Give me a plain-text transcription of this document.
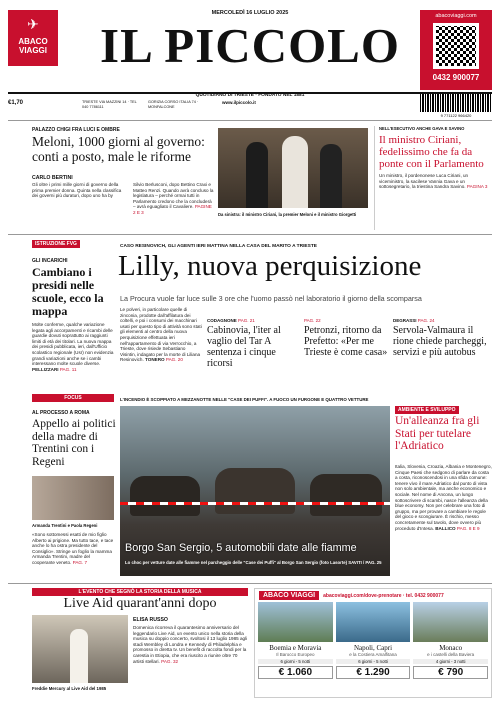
✈
ABACO
VIAGGI
MERCOLEDÌ 16 LUGLIO 2025
IL PICCOLO
abacoviaggi.com
0432 900077
QUOTIDIANO DI TRIESTE · FONDATO NEL 1881
€1,70	TRIESTE VIA MAZZINI 14 · TEL 040 7786111
GORIZIA CORSO ITALIA 74 · MONFALCONE
www.ilpiccolo.it
9 771122 966420
PALAZZO CHIGI FRA LUCI E OMBRE
Meloni, 1000 giorni al governo: conti a posto, male le riforme
CARLO BERTINI
Gli oltre i primi mille giorni di governo della prima premier donna. Quinta nella classifica dei governi più duraturi, dopo uno ha by
Silvio Berlusconi, dopo Bettino Craxi e Matteo Renzi. Quando avrà concluso la legislatura – perché ormai tutti in Parlamento credono che la concluderà – avrà eguagliato il Cavaliere. PAGINE 2 E 3	Da sinistra: il ministro Ciriani, la premier Meloni e il ministro Giorgetti
NELL'ESECUTIVO ANCHE GAVA E SAVINO
Il ministro Ciriani, fedelissimo che fa da ponte con il Parlamento
Un ministro, il pordenonese Luca Ciriani, un viceministro, la sacilese Vannia Gava e un sottosegretario, la triestina Sandra Savino. PAGINA 3
ISTRUZIONE FVG
GLI INCARICHI
Cambiano i presidi nelle scuole, ecco la mappa
Molte conferme, qualche variazione legata agli accorpamenti e ricambi delle guardie dovuti soprattutto ai raggiunti limiti di età dei titolari. La nuova mappa dei presidi pubblicata, ieri, dall'Ufficio scolastico regionale (Usr) non evidenzia grandi variazioni anche se i cambi interessano molte scuole diverse. PELLIZZARI PAG. 11
FOCUS
AL PROCESSO A ROMA
Appello ai politici della madre di Trentini con i Regeni
Armanda Trentini e Paola Regeni
«Sono sottomessi esatti de mio figlio Alberto ai prigione. Ma tutto tace, e tace anche lo ha ostra presidente del Consiglio». Stringe un foglio la mamma Armanda Trentini, madre del cooperante veneto. PAG. 7
CASO RESINOVICH, GLI AGENTI IERI MATTINA NELLA CASA DEL MARITO A TRIESTE
Lilly, nuova perquisizione
La Procura vuole far luce sulle 3 ore che l'uomo passò nel laboratorio il giorno della scomparsa
Le polveri, in particolare quelle di zinconia, prodotte dall'affilatura dei coltelli, e poi i consumi dei macchinari usati per questo tipo di attività sono stati gli elementi al centro della nuova perquisizione effettuata ieri nell'appartamento di via Verrocchio, a Trieste, dove risiede Sebastiano Visintin, indagato per la morte di Liliana Resinovich. TONERO PAG. 20
CODAGNONE PAG. 21
Cabinovia, l'iter al vaglio del Tar A sentenza i cinque ricorsi
PAG. 22
Petronzi, ritorno da Prefetto: «Per me Trieste è come casa»
DEGRASSI PAG. 24
Servola-Valmaura il rione chiede parcheggi, servizi e più autobus
L'INCENDIO È SCOPPIATO A MEZZANOTTE NELLE "CASE DEI PUFFI". A FUOCO UN FURGONE E QUATTRO VETTURE
Borgo San Sergio, 5 automobili date alle fiamme
Lo choc per vetture date alle fiamme nel parcheggio delle "Case dei Puffi" al Borgo San Sergio (foto Lasorte) SAVITI / PAG. 25
AMBIENTE E SVILUPPO
Un'alleanza fra gli Stati per tutelare l'Adriatico
Italia, Slovenia, Croazia, Albania e Montenegro, Cinque Paesi che sedgono di parlare da costa a costa, riconoscendosi in una sfida comune: tenere vivo il mare Adriatico dal punto di vista non solo ambientale, ma anche economico e sociale. Nel nome di Ancona, un lungo sottoscrivere di scambi, nasce l'alleanza della blue economy. Non per celebrare una foto di gruppo, ma per provare a cambiare le regole del gioco e scongiurare. È rischio, messo concretamente sul tavolo, dove ovvero più proceduto d'Intesa. BALLICO PAG. 8 E 9
L'EVENTO CHE SEGNÒ LA STORIA DELLA MUSICA
Live Aid quarant'anni dopo
Freddie Mercury al Live Aid del 1985
ELISA RUSSO
Domenica ricorreva il quarantesimo anniversario del leggendario Live Aid, un evento unico nella storia della musica su doppio concerto, svoltosi il 13 luglio 1985 agli stadi Wembley di Londra e Kennedy di Philadelphia e promosso in diretta tv. Un benefit di raccolta fondi per la carestia in Etiopia, che era riuscito a riunire oltre 70 artisti stellari. PAG. 32
ABACO VIAGGI	abacoviaggi.com/dove-prenotare · tel. 0432 900077
Boemia e Moravia
Il Barocco Europeo
6 giorni - 5 notti
€ 1.060
Napoli, Capri
e la Costiera Amalfitana
6 giorni - 5 notti
€ 1.290
Monaco
e i castelli della Baviera
4 giorni - 3 notti
€ 790
